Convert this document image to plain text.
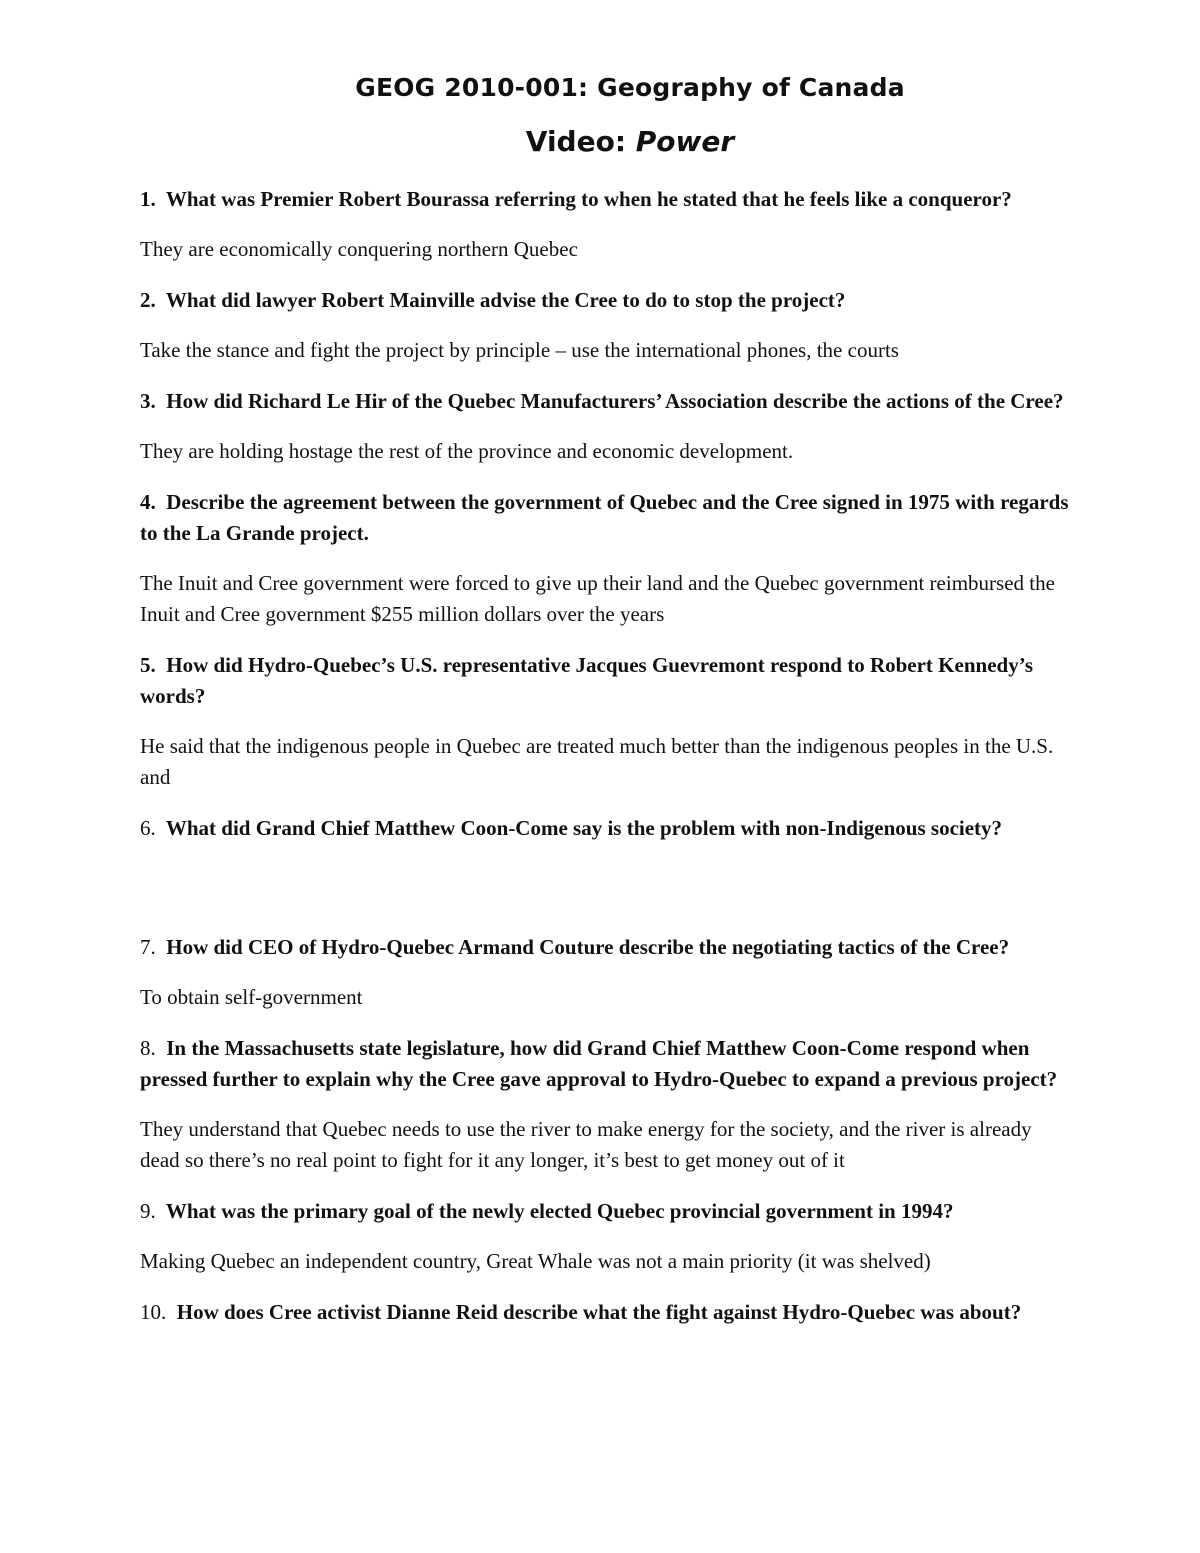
GEOG 2010-001: Geography of Canada
Video: Power

1. What was Premier Robert Bourassa referring to when he stated that he feels like a conqueror?

They are economically conquering northern Quebec

2. What did lawyer Robert Mainville advise the Cree to do to stop the project?

Take the stance and fight the project by principle – use the international phones, the courts

3. How did Richard Le Hir of the Quebec Manufacturers’ Association describe the actions of the Cree?

They are holding hostage the rest of the province and economic development.

4. Describe the agreement between the government of Quebec and the Cree signed in 1975 with regards to the La Grande project.

The Inuit and Cree government were forced to give up their land and the Quebec government reimbursed the Inuit and Cree government $255 million dollars over the years

5. How did Hydro-Quebec’s U.S. representative Jacques Guevremont respond to Robert Kennedy’s words?

He said that the indigenous people in Quebec are treated much better than the indigenous peoples in the U.S. and

6. What did Grand Chief Matthew Coon-Come say is the problem with non-Indigenous society?

7. How did CEO of Hydro-Quebec Armand Couture describe the negotiating tactics of the Cree?

To obtain self-government

8. In the Massachusetts state legislature, how did Grand Chief Matthew Coon-Come respond when pressed further to explain why the Cree gave approval to Hydro-Quebec to expand a previous project?

They understand that Quebec needs to use the river to make energy for the society, and the river is already dead so there’s no real point to fight for it any longer, it’s best to get money out of it

9. What was the primary goal of the newly elected Quebec provincial government in 1994?

Making Quebec an independent country, Great Whale was not a main priority (it was shelved)

10. How does Cree activist Dianne Reid describe what the fight against Hydro-Quebec was about?
